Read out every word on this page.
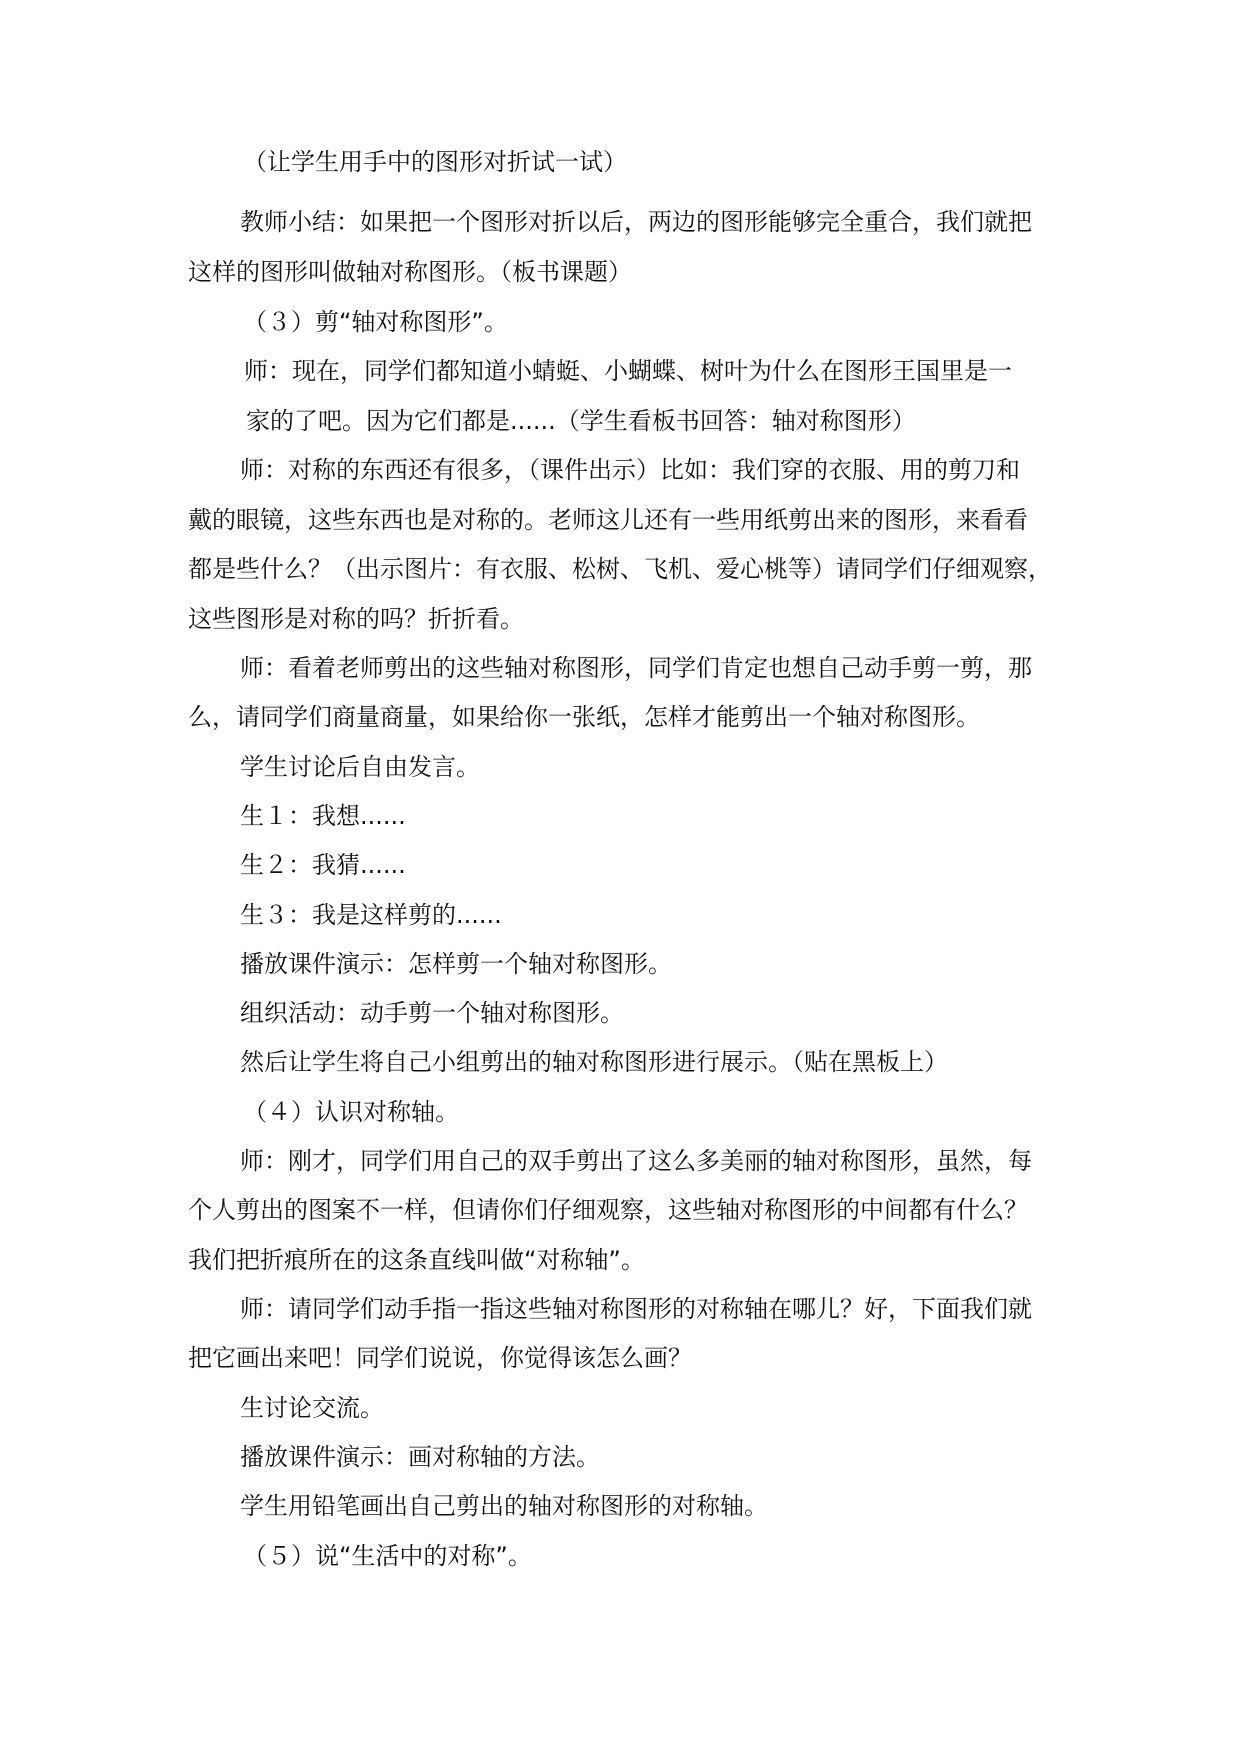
（让学生用手中的图形对折试一试）
教师小结：如果把一个图形对折以后，两边的图形能够完全重合，我们就把
这样的图形叫做轴对称图形。（板书课题）
（３）剪“轴对称图形”。
师：现在，同学们都知道小蜻蜓、小蝴蝶、树叶为什么在图形王国里是一
家的了吧。因为它们都是......（学生看板书回答：轴对称图形）
师：对称的东西还有很多，（课件出示）比如：我们穿的衣服、用的剪刀和
戴的眼镜，这些东西也是对称的。老师这儿还有一些用纸剪出来的图形，来看看
都是些什么？（出示图片：有衣服、松树、飞机、爱心桃等）请同学们仔细观察，
这些图形是对称的吗？折折看。
师：看着老师剪出的这些轴对称图形，同学们肯定也想自己动手剪一剪，那
么，请同学们商量商量，如果给你一张纸，怎样才能剪出一个轴对称图形。
学生讨论后自由发言。
生１：我想......
生２：我猜......
生３：我是这样剪的......
播放课件演示：怎样剪一个轴对称图形。
组织活动：动手剪一个轴对称图形。
然后让学生将自己小组剪出的轴对称图形进行展示。（贴在黑板上）
（４）认识对称轴。
师：刚才，同学们用自己的双手剪出了这么多美丽的轴对称图形，虽然，每
个人剪出的图案不一样，但请你们仔细观察，这些轴对称图形的中间都有什么？
我们把折痕所在的这条直线叫做“对称轴”。
师：请同学们动手指一指这些轴对称图形的对称轴在哪儿？好，下面我们就
把它画出来吧！同学们说说，你觉得该怎么画？
生讨论交流。
播放课件演示：画对称轴的方法。
学生用铅笔画出自己剪出的轴对称图形的对称轴。
（５）说“生活中的对称”。
